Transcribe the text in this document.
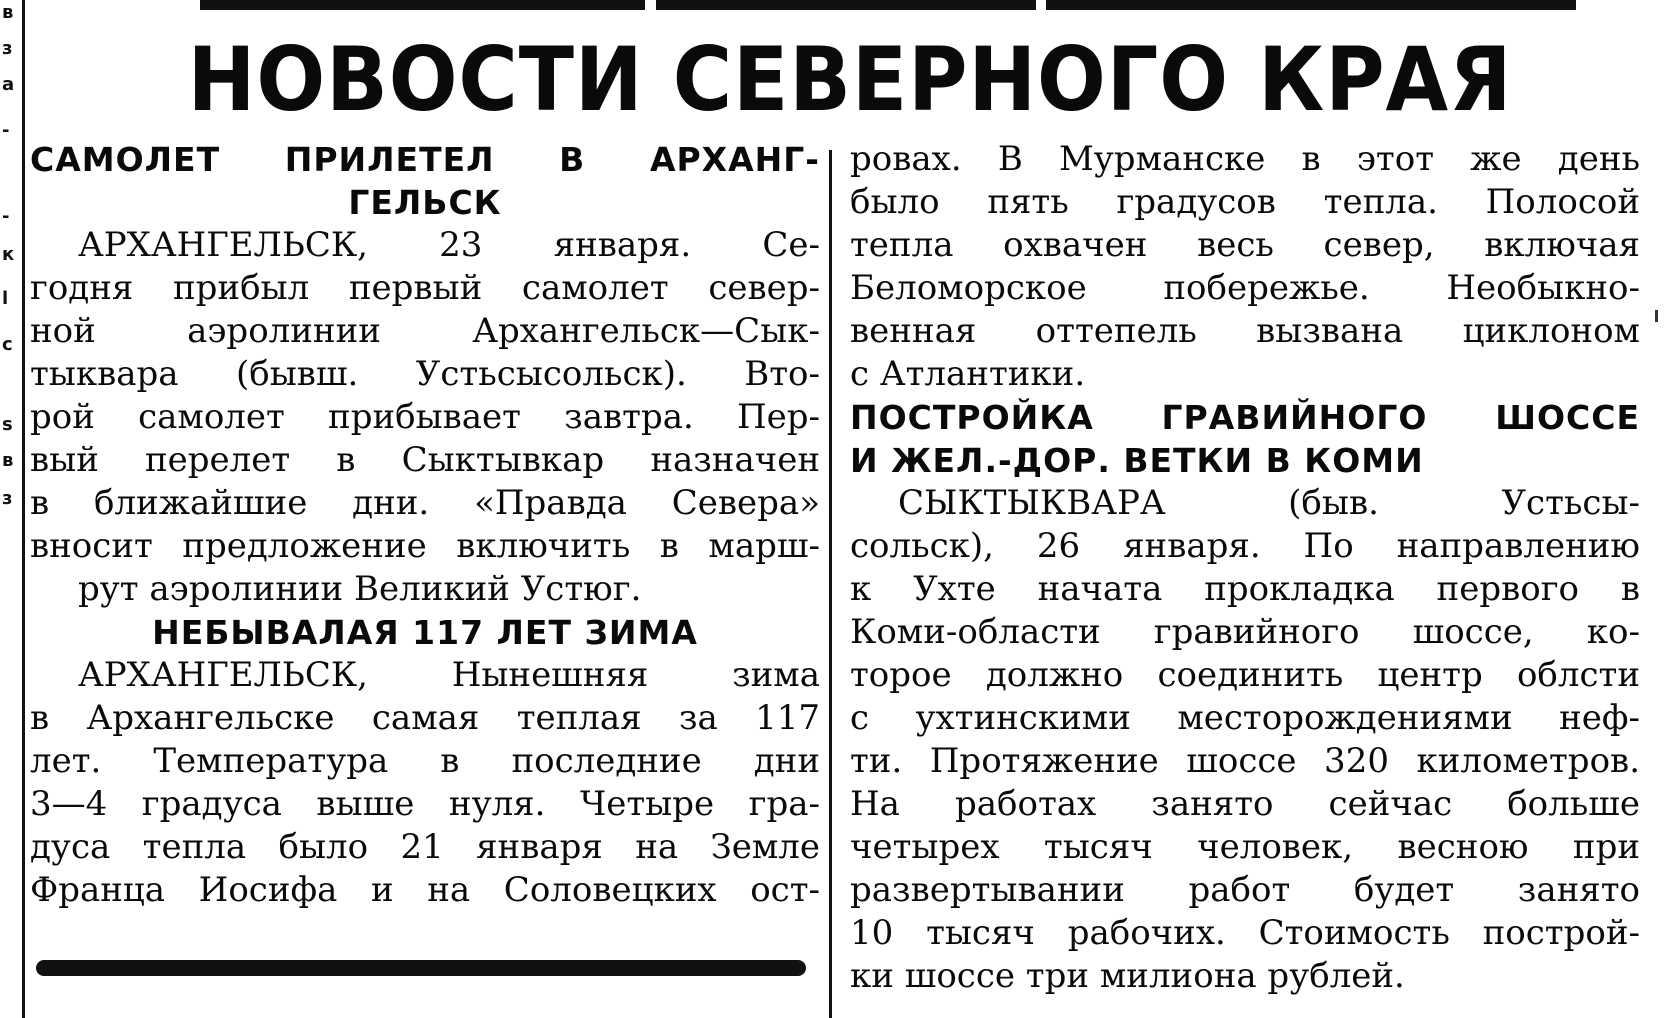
в
з
а
-
-
к
l
с
s
в
з
НОВОСТИ СЕВЕРНОГО КРАЯ
САМОЛЕТ ПРИЛЕТЕЛ В АРХАНГ-
ГЕЛЬСК
АРХАНГЕЛЬСК, 23 января. Се-
годня прибыл первый самолет север-
ной аэролинии Архангельск—Сык-
тыквара (бывш. Устьсысольск). Вто-
рой самолет прибывает завтра. Пер-
вый перелет в Сыктывкар назначен
в ближайшие дни. «Правда Севера»
вносит предложение включить в марш-
рут аэролинии Великий Устюг.
НЕБЫВАЛАЯ 117 ЛЕТ ЗИМА
АРХАНГЕЛЬСК, Нынешняя зима
в Архангельске самая теплая за 117
лет. Температура в последние дни
3—4 градуса выше нуля. Четыре гра-
дуса тепла было 21 января на Земле
Франца Иосифа и на Соловецких ост-
ровах. В Мурманске в этот же день
было пять градусов тепла. Полосой
тепла охвачен весь север, включая
Беломорское побережье. Необыкно-
венная оттепель вызвана циклоном
с Атлантики.
ПОСТРОЙКА ГРАВИЙНОГО ШОССЕ
И ЖЕЛ.-ДОР. ВЕТКИ В КОМИ
СЫКТЫКВАРА (быв. Устьсы-
сольск), 26 января. По направлению
к Ухте начата прокладка первого в
Коми-области гравийного шоссе, ко-
торое должно соединить центр облсти
с ухтинскими месторождениями неф-
ти. Протяжение шоссе 320 километров.
На работах занято сейчас больше
четырех тысяч человек, весною при
развертывании работ будет занято
10 тысяч рабочих. Стоимость построй-
ки шоссе три милиона рублей.
